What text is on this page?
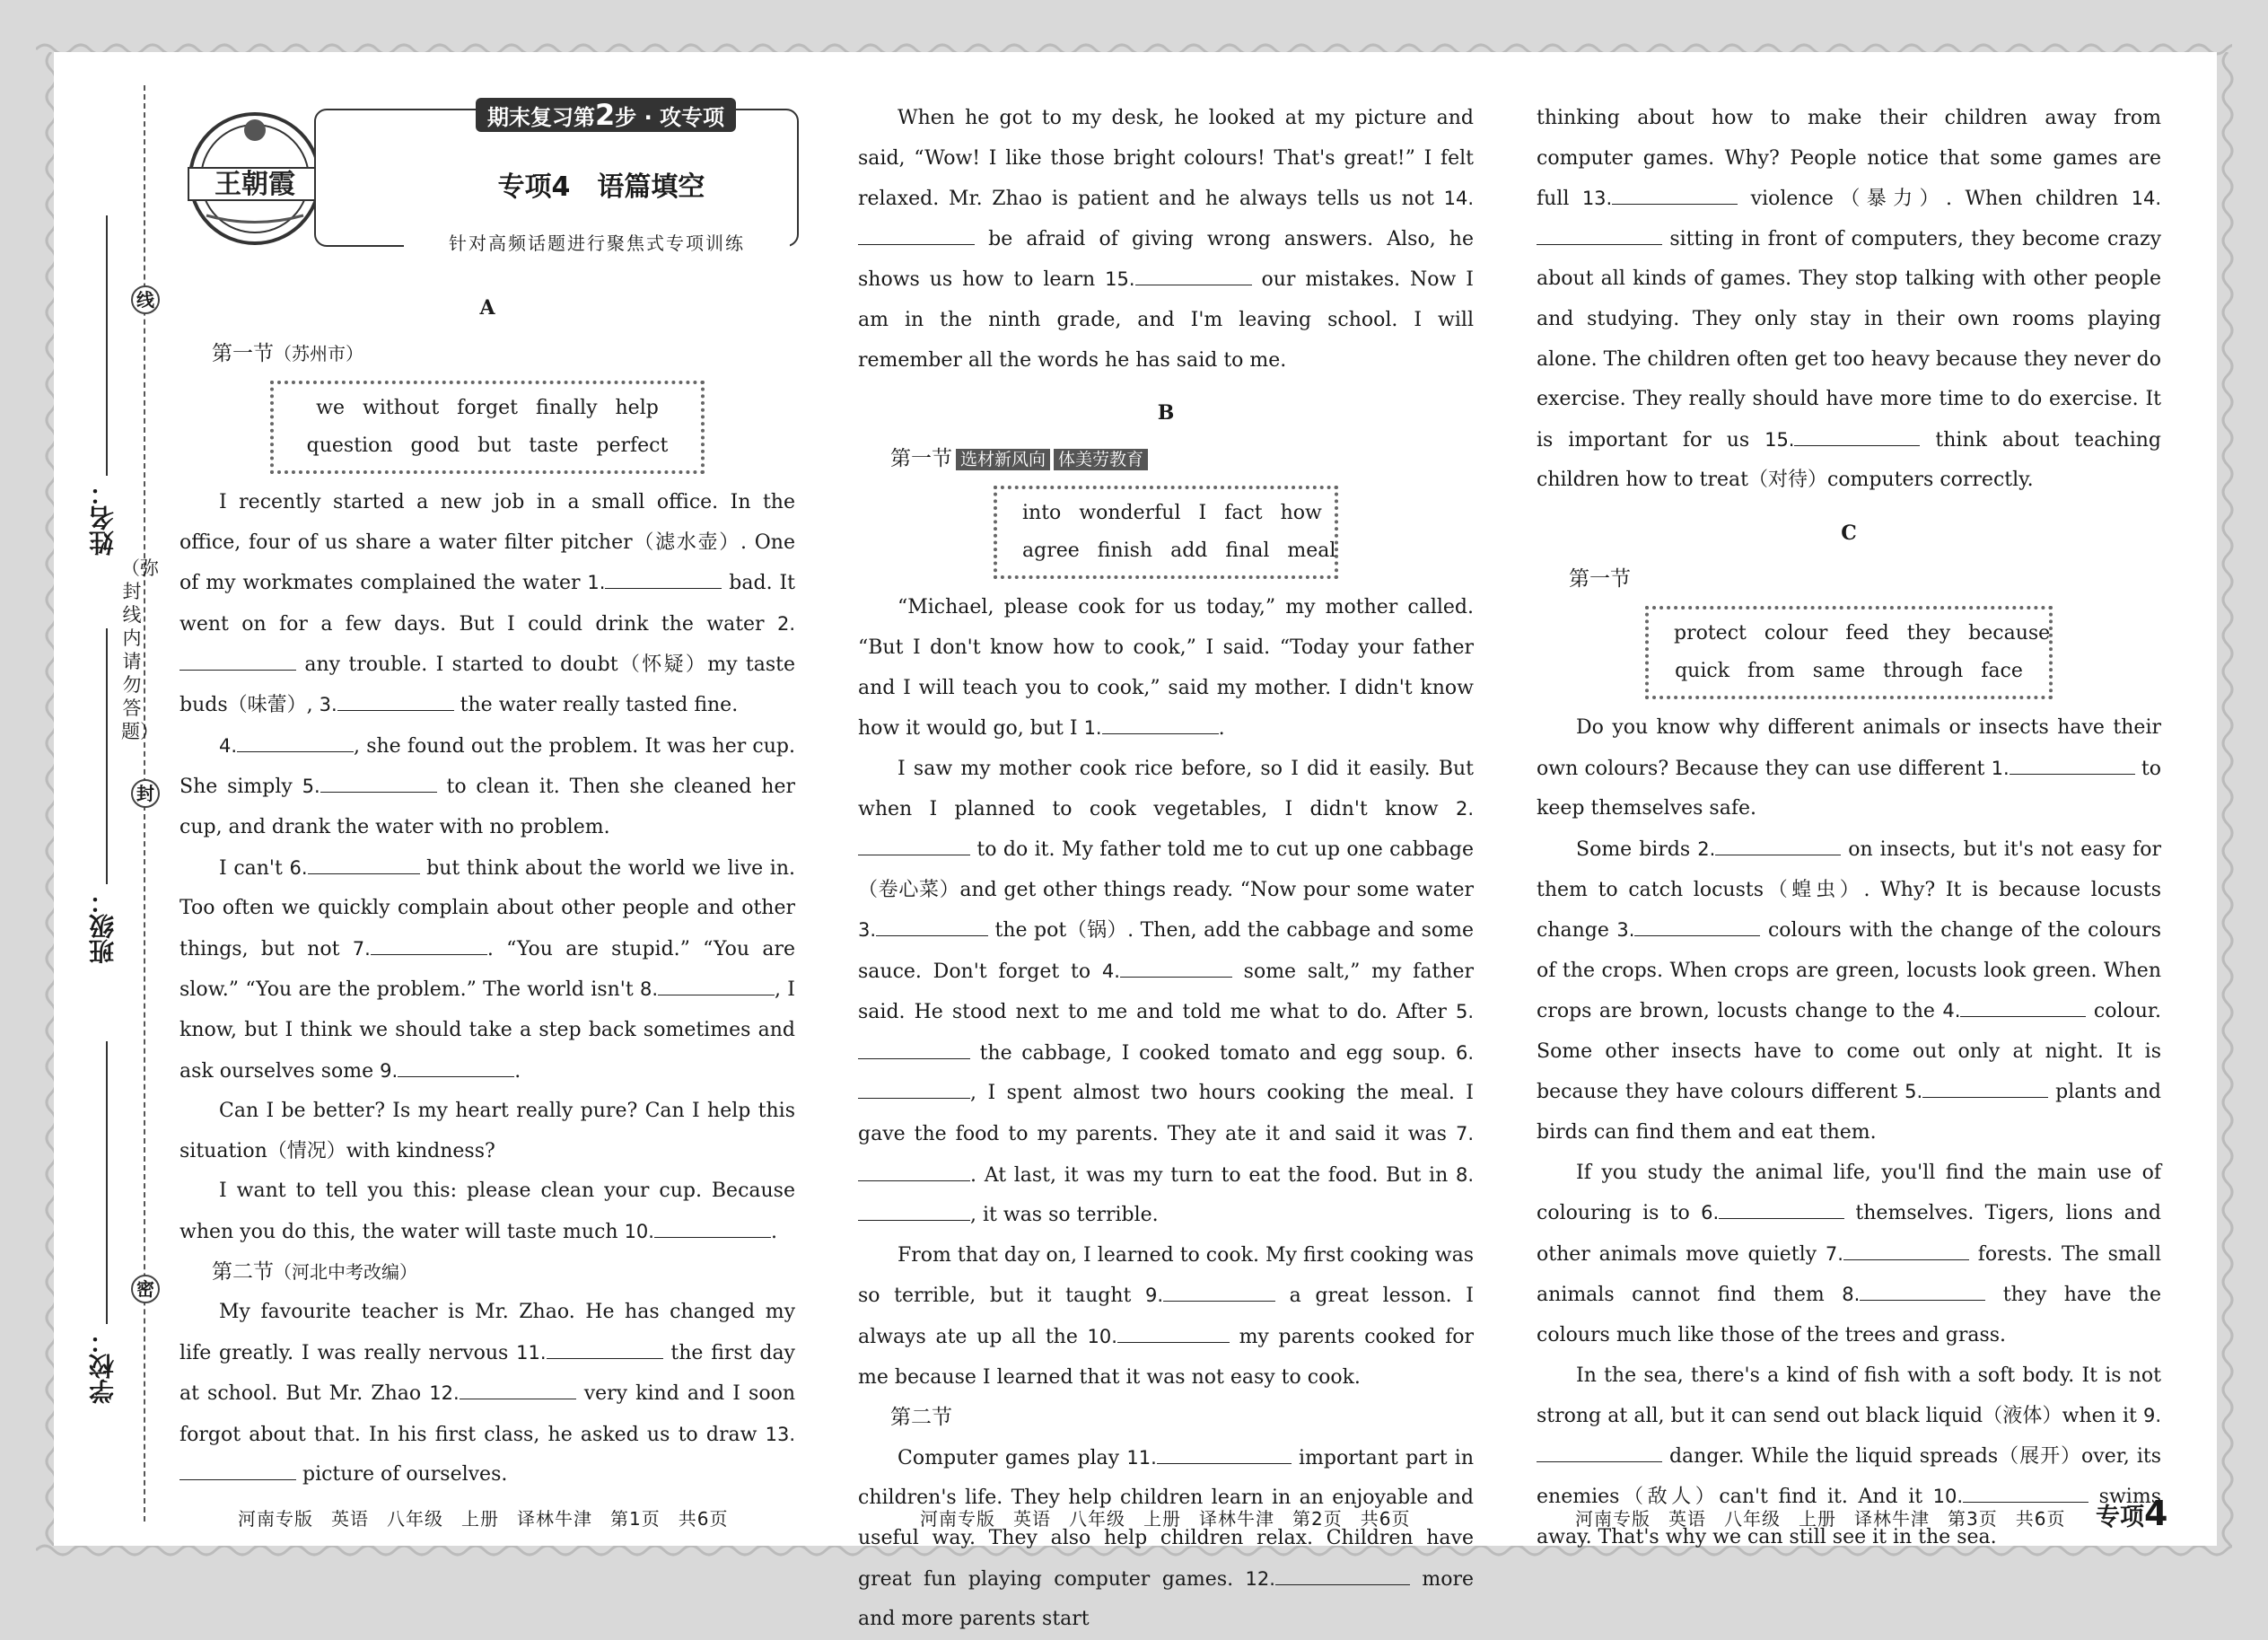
线
封
密
（弥封线内请勿答题）
姓名：
班级：
学校：
王朝霞
期末复习第2步 · 攻专项
专项4　语篇填空
针对高频话题进行聚焦式专项训练
A

第一节（苏州市）

we without forget finally help
question good but taste perfect

I recently started a new job in a small office. In the office, four of us share a water filter pitcher（滤水壶）. One of my workmates complained the water 1.	bad. It went on for a few days. But I could drink the water 2. any trouble. I started to doubt（怀疑）my taste buds（味蕾）, 3.	the water really tasted fine.

4.	, she found out the problem. It was her cup. She simply 5.	to clean it. Then she cleaned her cup, and drank the water with no problem.

I can't 6.	but think about the world we live in. Too often we quickly complain about other people and other things, but not 7.	. “You are stupid.” “You are slow.” “You are the problem.” The world isn't 8.	, I know, but I think we should take a step back sometimes and ask ourselves some 9.	.

Can I be better? Is my heart really pure? Can I help this situation（情况）with kindness?

I want to tell you this: please clean your cup. Because when you do this, the water will taste much 10.	.

第二节（河北中考改编）

My favourite teacher is Mr. Zhao. He has changed my life greatly. I was really nervous 11.	the first day at school. But Mr. Zhao 12.	very kind and I soon forgot about that. In his first class, he asked us to draw 13. picture of ourselves.

When he got to my desk, he looked at my picture and said, “Wow! I like those bright colours! That's great!” I felt relaxed. Mr. Zhao is patient and he always tells us not 14. be afraid of giving wrong answers. Also, he shows us how to learn 15.	our mistakes. Now I am in the ninth grade, and I'm leaving school. I will remember all the words he has said to me.

B

第一节 选材新风向 体美劳教育

into wonderful I fact how
agree finish add final meal

“Michael, please cook for us today,” my mother called. “But I don't know how to cook,” I said. “Today your father and I will teach you to cook,” said my mother. I didn't know how it would go, but I 1.	.

I saw my mother cook rice before, so I did it easily. But when I planned to cook vegetables, I didn't know 2. to do it. My father told me to cut up one cabbage（卷心菜）and get other things ready. “Now pour some water 3.	the pot（锅）. Then, add the cabbage and some sauce. Don't forget to 4.	some salt,” my father said. He stood next to me and told me what to do. After 5. the cabbage, I cooked tomato and egg soup. 6., I spent almost two hours cooking the meal. I gave the food to my parents. They ate it and said it was 7.. At last, it was my turn to eat the food. But in 8., it was so terrible.

From that day on, I learned to cook. My first cooking was so terrible, but it taught 9.	a great lesson. I always ate up all the 10.	my parents cooked for me because I learned that it was not easy to cook.

第二节

Computer games play 11.	important part in children's life. They help children learn in an enjoyable and useful way. They also help children relax. Children have great fun playing computer games. 12.	more and more parents start

thinking about how to make their children away from computer games. Why? People notice that some games are full 13.	violence（暴力）. When children 14. sitting in front of computers, they become crazy about all kinds of games. They stop talking with other people and studying. They only stay in their own rooms playing alone. The children often get too heavy because they never do exercise. They really should have more time to do exercise. It is important for us 15.	think about teaching children how to treat（对待）computers correctly.

C

第一节

protect colour feed they because
quick from same through face

Do you know why different animals or insects have their own colours? Because they can use different 1.	to keep themselves safe.

Some birds 2.	on insects, but it's not easy for them to catch locusts（蝗虫）. Why? It is because locusts change 3.	colours with the change of the colours of the crops. When crops are green, locusts look green. When crops are brown, locusts change to the 4.	colour. Some other insects have to come out only at night. It is because they have colours different 5.	plants and birds can find them and eat them.

If you study the animal life, you'll find the main use of colouring is to 6.	themselves. Tigers, lions and other animals move quietly 7.	forests. The small animals cannot find them 8.	they have the colours much like those of the trees and grass.

In the sea, there's a kind of fish with a soft body. It is not strong at all, but it can send out black liquid（液体）when it 9. danger. While the liquid spreads（展开）over, its enemies（敌人）can't find it. And it 10.	swims away. That's why we can still see it in the sea.

河南专版 英语 八年级 上册 译林牛津 第1页 共6页	河南专版 英语 八年级 上册 译林牛津 第2页 共6页	河南专版 英语 八年级 上册 译林牛津 第3页 共6页	专项4
